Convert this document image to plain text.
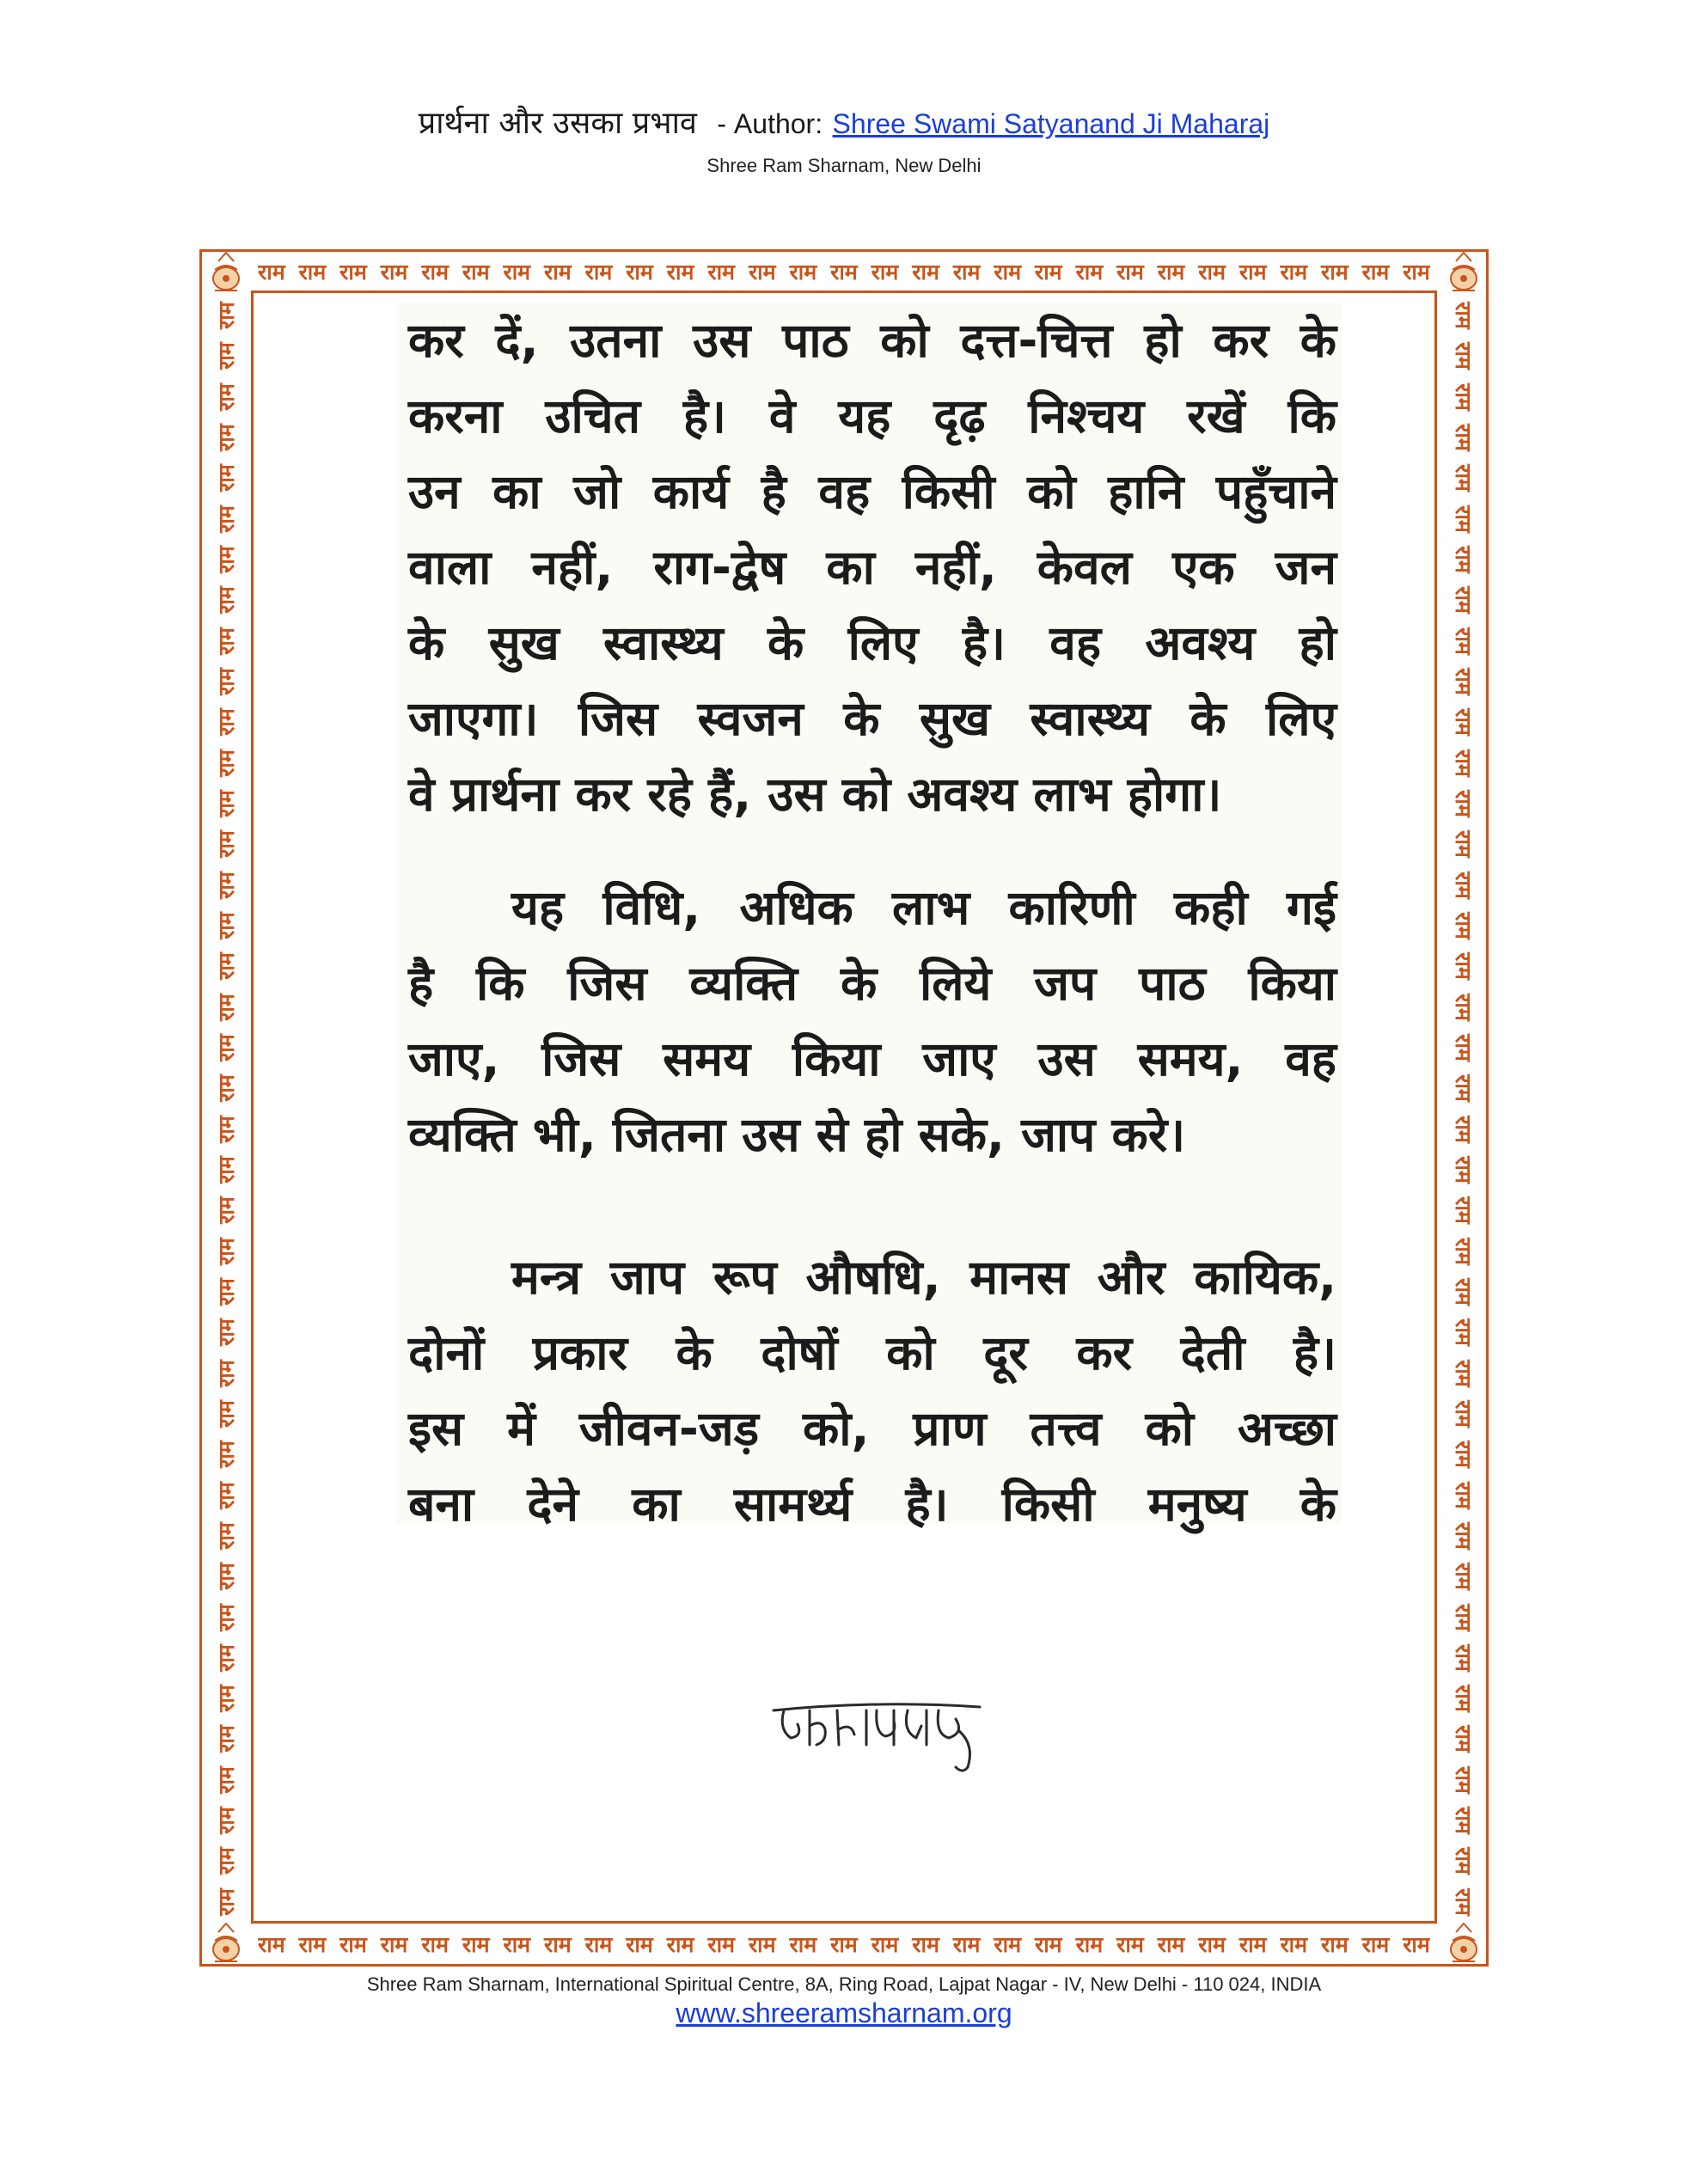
प्रार्थना और उसका प्रभाव - Author: Shree Swami Satyanand Ji Maharaj
Shree Ram Sharnam, New Delhi
राम राम राम राम राम राम राम राम राम राम राम राम राम राम राम राम राम राम राम राम राम राम राम राम राम राम राम राम राम
राम राम राम राम राम राम राम राम राम राम राम राम राम राम राम राम राम राम राम राम राम राम राम राम राम राम राम राम राम
राम
राम
राम
राम
राम
राम
राम
राम
राम
राम
राम
राम
राम
राम
राम
राम
राम
राम
राम
राम
राम
राम
राम
राम
राम
राम
राम
राम
राम
राम
राम
राम
राम
राम
राम
राम
राम
राम
राम
राम
राम
राम
राम
राम
राम
राम
राम
राम
राम
राम
राम
राम
राम
राम
राम
राम
राम
राम
राम
राम
राम
राम
राम
राम
राम
राम
राम
राम
राम
राम
राम
राम
राम
राम
राम
राम
राम
राम
राम
राम
कर दें, उतना उस पाठ को दत्त-चित्त हो कर के
करना उचित है। वे यह दृढ़ निश्चय रखें कि
उन का जो कार्य है वह किसी को हानि पहुँचाने
वाला नहीं, राग-द्वेष का नहीं, केवल एक जन
के सुख स्वास्थ्य के लिए है। वह अवश्य हो
जाएगा। जिस स्वजन के सुख स्वास्थ्य के लिए
वे प्रार्थना कर रहे हैं, उस को अवश्य लाभ होगा।
यह विधि, अधिक लाभ कारिणी कही गई
है कि जिस व्यक्ति के लिये जप पाठ किया
जाए, जिस समय किया जाए उस समय, वह
व्यक्ति भी, जितना उस से हो सके, जाप करे।
मन्त्र जाप रूप औषधि, मानस और कायिक,
दोनों प्रकार के दोषों को दूर कर देती है।
इस में जीवन-जड़ को, प्राण तत्त्व को अच्छा
बना देने का सामर्थ्य है। किसी मनुष्य के
Shree Ram Sharnam, International Spiritual Centre, 8A, Ring Road, Lajpat Nagar - IV, New Delhi - 110 024, INDIA
www.shreeramsharnam.org
